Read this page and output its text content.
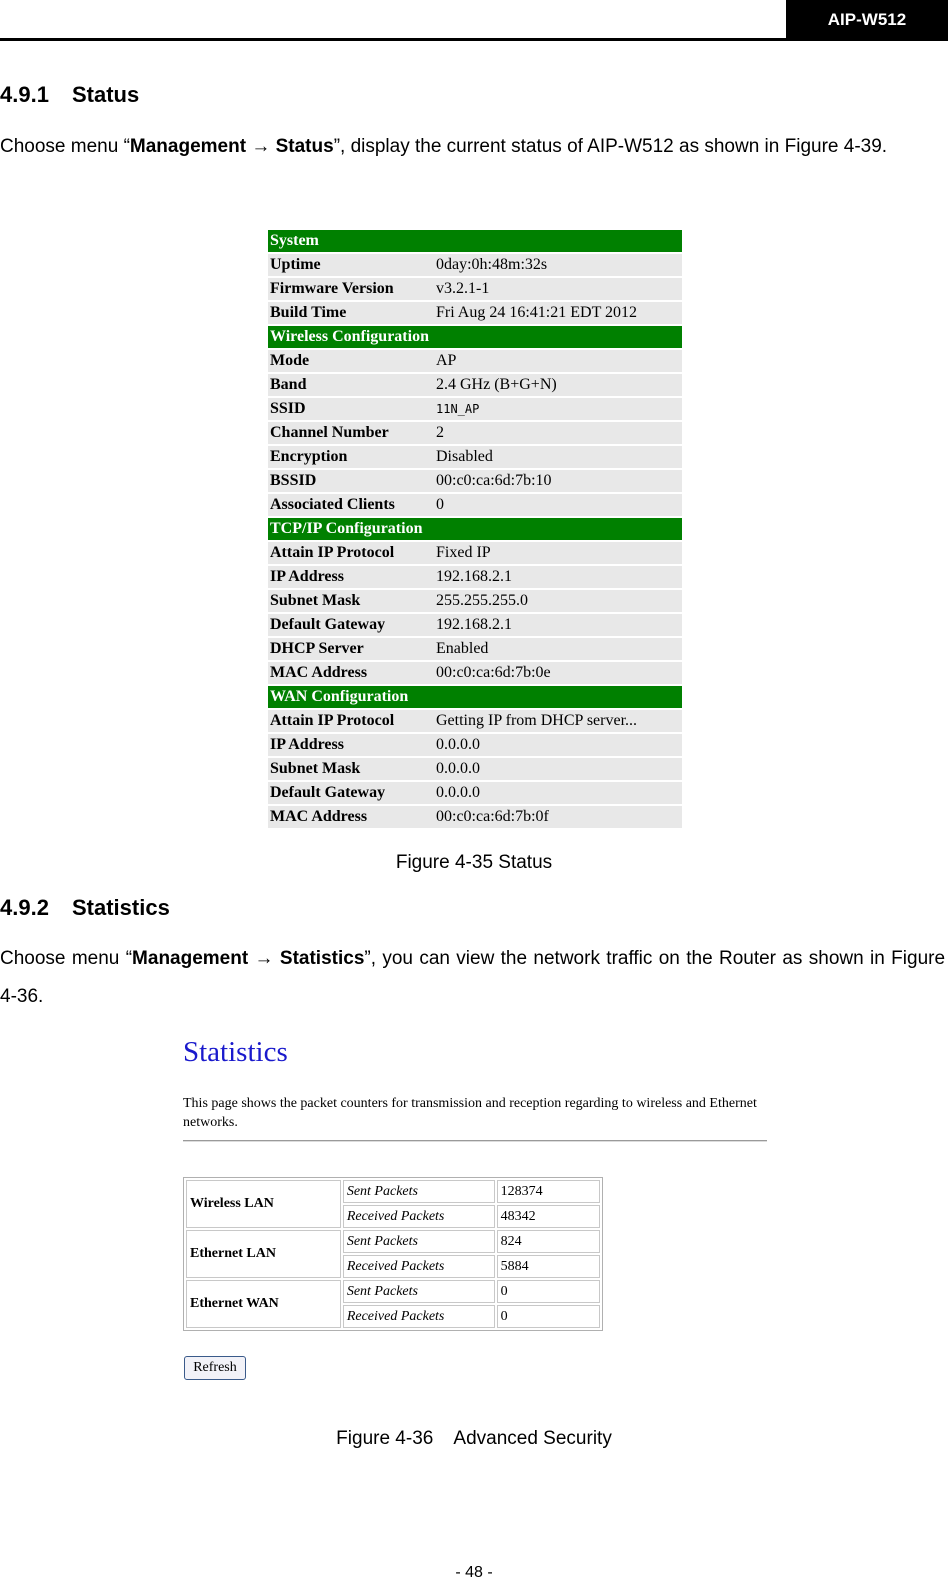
AIP-W512
4.9.1 Status
Choose menu “Management → Status”, display the current status of AIP-W512 as shown in Figure 4-39.
System	
Uptime	0day:0h:48m:32s
Firmware Version	v3.2.1-1
Build Time	Fri Aug 24 16:41:21 EDT 2012
Wireless Configuration	
Mode	AP
Band	2.4 GHz (B+G+N)
SSID	11N_AP
Channel Number	2
Encryption	Disabled
BSSID	00:c0:ca:6d:7b:10
Associated Clients	0
TCP/IP Configuration	
Attain IP Protocol	Fixed IP
IP Address	192.168.2.1
Subnet Mask	255.255.255.0
Default Gateway	192.168.2.1
DHCP Server	Enabled
MAC Address	00:c0:ca:6d:7b:0e
WAN Configuration	
Attain IP Protocol	Getting IP from DHCP server...
IP Address	0.0.0.0
Subnet Mask	0.0.0.0
Default Gateway	0.0.0.0
MAC Address	00:c0:ca:6d:7b:0f
Figure 4-35 Status
4.9.2 Statistics
Choose menu “Management → Statistics”, you can view the network traffic on the Router as shown in Figure 4-36.
Statistics
This page shows the packet counters for transmission and reception regarding to wireless and Ethernet networks.
Wireless LAN	Sent Packets	128374
	Received Packets	48342
Ethernet LAN	Sent Packets	824
	Received Packets	5884
Ethernet WAN	Sent Packets	0
	Received Packets	0
Refresh
Figure 4-36    Advanced Security
- 48 -
